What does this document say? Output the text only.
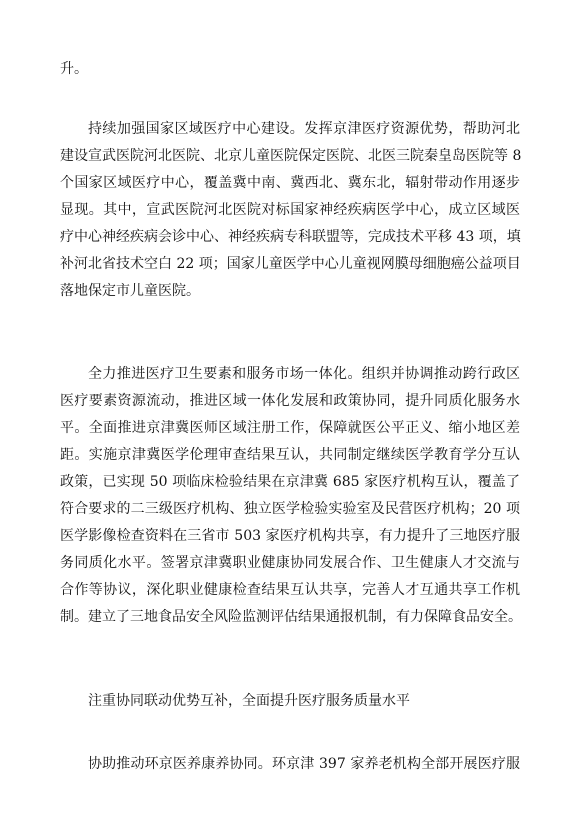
升。
持续加强国家区域医疗中心建设。发挥京津医疗资源优势，帮助河北
建设宣武医院河北医院、北京儿童医院保定医院、北医三院秦皇岛医院等 8
个国家区域医疗中心，覆盖冀中南、冀西北、冀东北，辐射带动作用逐步
显现。其中，宣武医院河北医院对标国家神经疾病医学中心，成立区域医
疗中心神经疾病会诊中心、神经疾病专科联盟等，完成技术平移 43 项，填
补河北省技术空白 22 项；国家儿童医学中心儿童视网膜母细胞癌公益项目
落地保定市儿童医院。
全力推进医疗卫生要素和服务市场一体化。组织并协调推动跨行政区
医疗要素资源流动，推进区域一体化发展和政策协同，提升同质化服务水
平。全面推进京津冀医师区域注册工作，保障就医公平正义、缩小地区差
距。实施京津冀医学伦理审查结果互认，共同制定继续医学教育学分互认
政策，已实现 50 项临床检验结果在京津冀 685 家医疗机构互认，覆盖了
符合要求的二三级医疗机构、独立医学检验实验室及民营医疗机构；20 项
医学影像检查资料在三省市 503 家医疗机构共享，有力提升了三地医疗服
务同质化水平。签署京津冀职业健康协同发展合作、卫生健康人才交流与
合作等协议，深化职业健康检查结果互认共享，完善人才互通共享工作机
制。建立了三地食品安全风险监测评估结果通报机制，有力保障食品安全。
注重协同联动优势互补，全面提升医疗服务质量水平
协助推动环京医养康养协同。环京津 397 家养老机构全部开展医疗服
